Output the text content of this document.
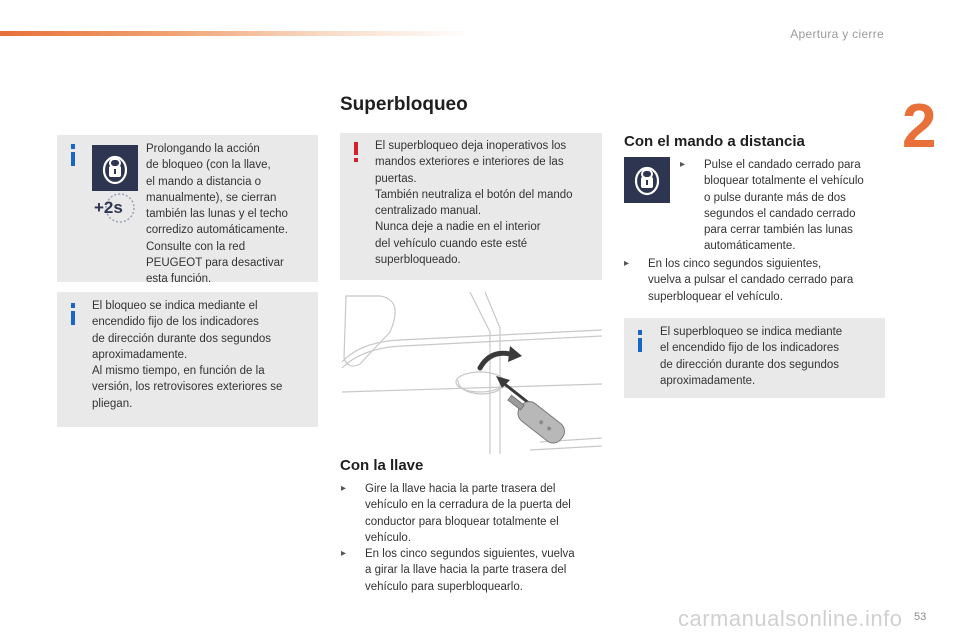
Apertura y cierre
2
+2s

Prolongando la acción

de bloqueo (con la llave,

el mando a distancia o

manualmente), se cierran

también las lunas y el techo

corredizo automáticamente.

Consulte con la red

PEUGEOT para desactivar

esta función.

El bloqueo se indica mediante el

encendido fijo de los indicadores

de dirección durante dos segundos

aproximadamente.

Al mismo tiempo, en función de la

versión, los retrovisores exteriores se

pliegan.

Superbloqueo

El superbloqueo deja inoperativos los

mandos exteriores e interiores de las

puertas.

También neutraliza el botón del mando

centralizado manual.

Nunca deje a nadie en el interior

del vehículo cuando este esté

superbloqueado.

Con la llave
▸ Gire la llave hacia la parte trasera del

vehículo en la cerradura de la puerta del

conductor para bloquear totalmente el

vehículo.

▸ En los cinco segundos siguientes, vuelva

a girar la llave hacia la parte trasera del

vehículo para superbloquearlo.

Con el mando a distancia
▸ Pulse el candado cerrado para

bloquear totalmente el vehículo

o pulse durante más de dos

segundos el candado cerrado

para cerrar también las lunas

automáticamente.

▸ En los cinco segundos siguientes,

vuelva a pulsar el candado cerrado para

superbloquear el vehículo.

El superbloqueo se indica mediante

el encendido fijo de los indicadores

de dirección durante dos segundos

aproximadamente.

carmanualsonline.info 53
